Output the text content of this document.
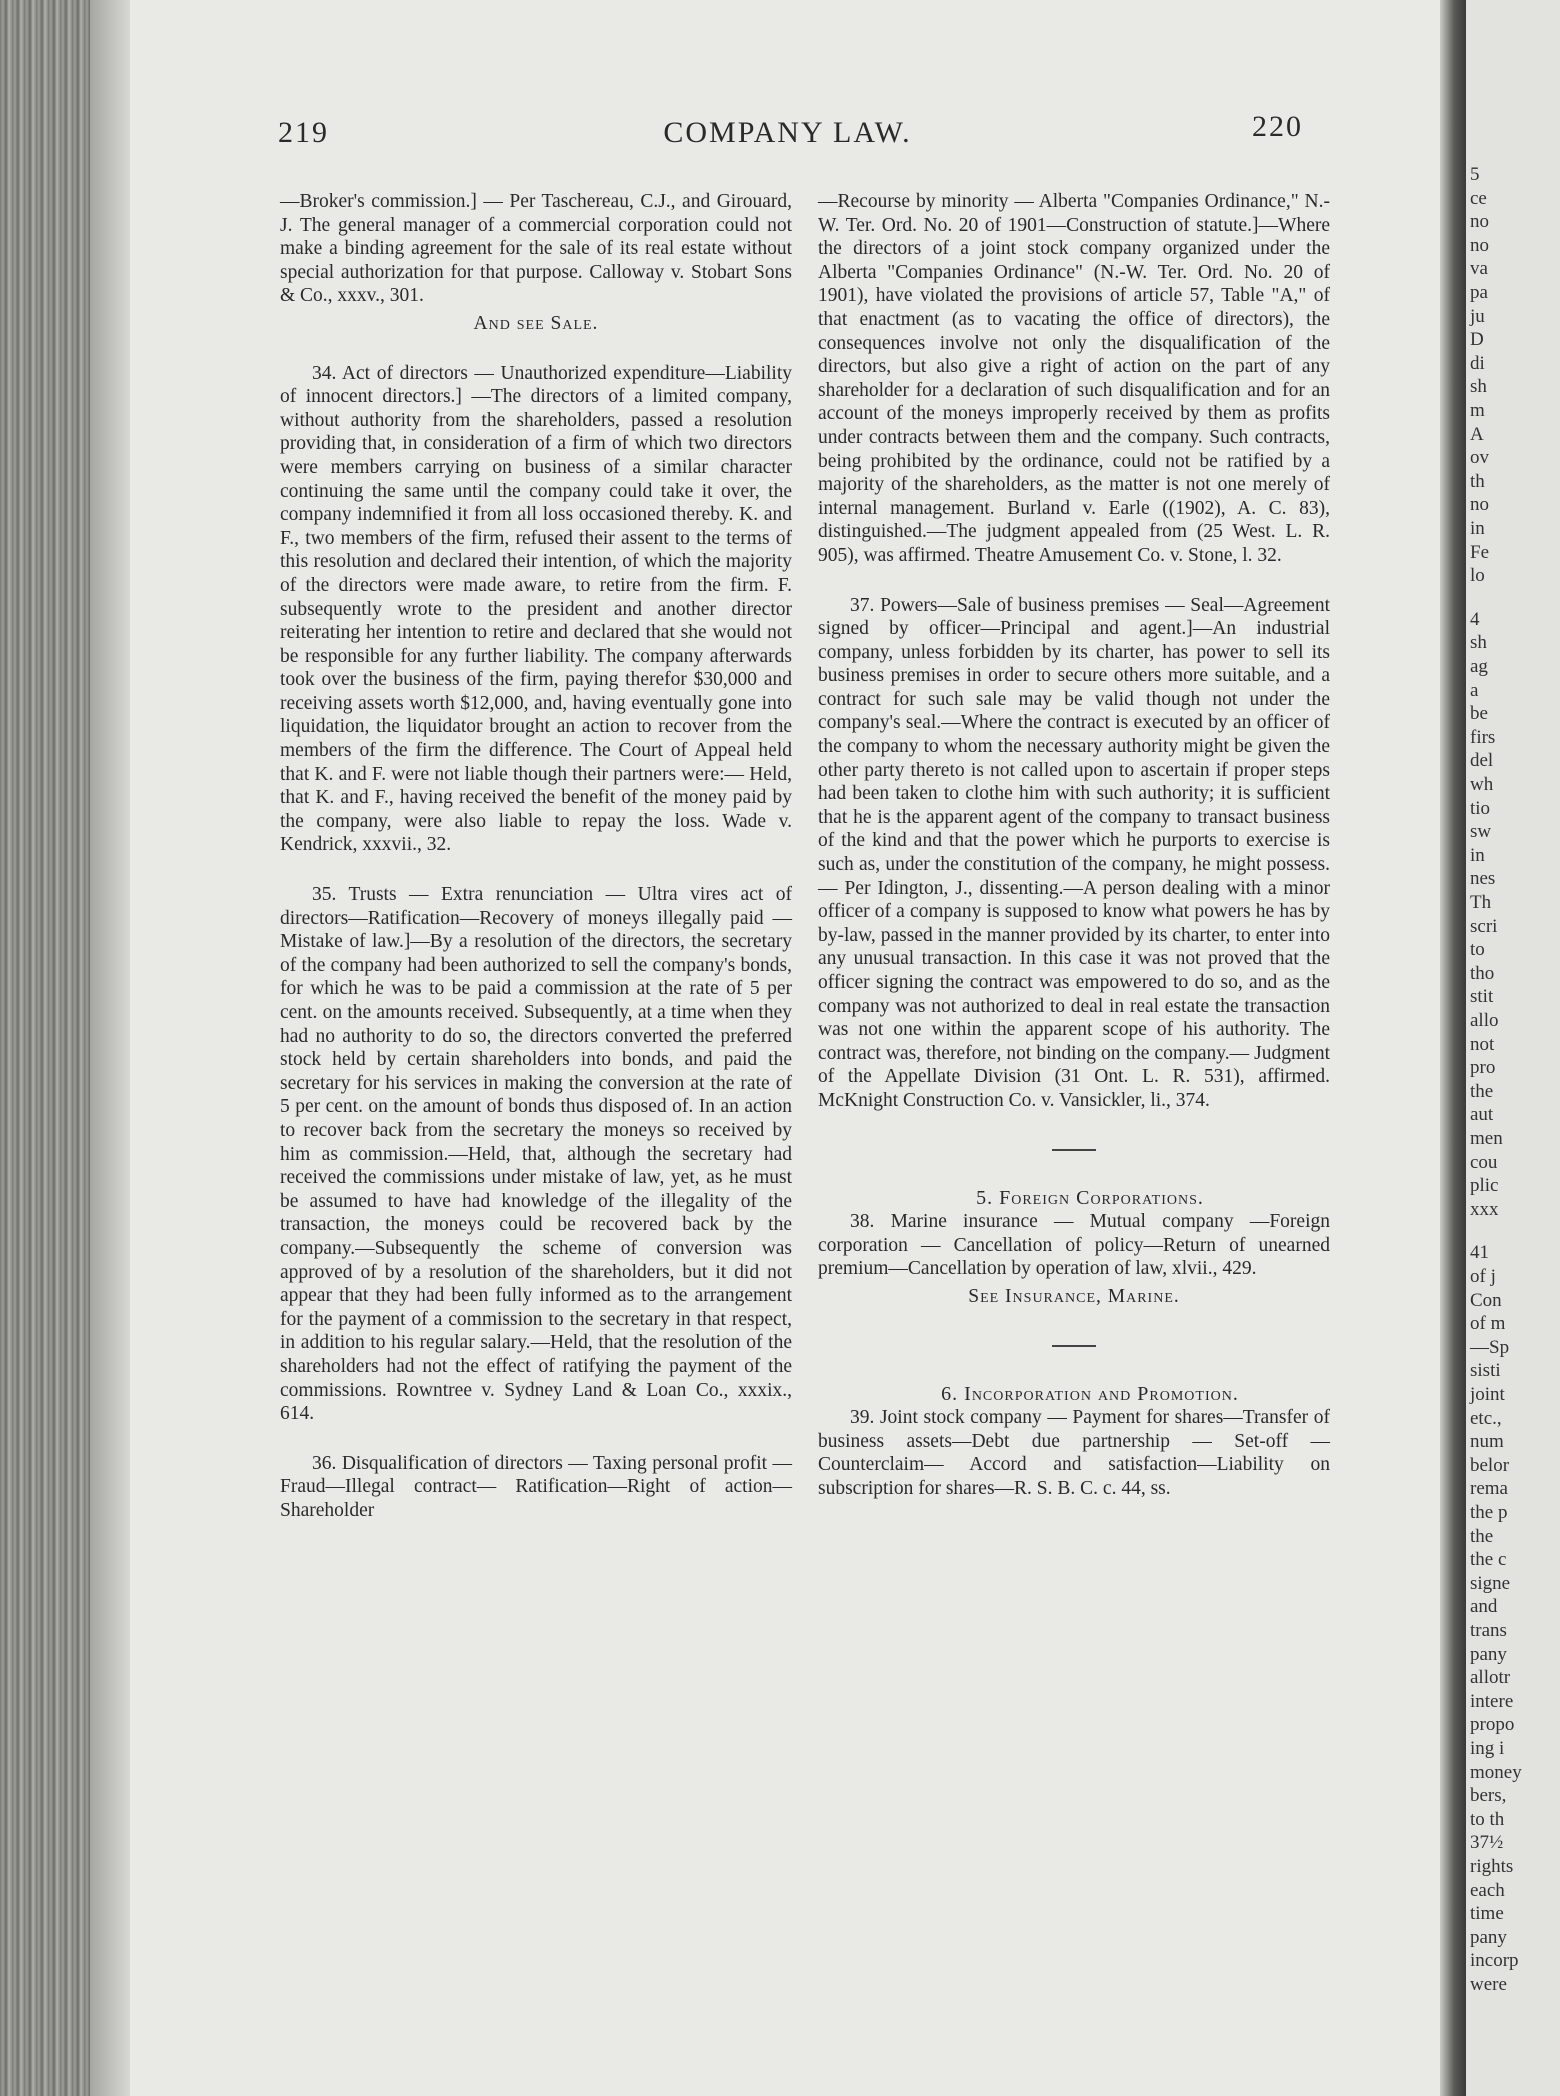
219	COMPANY LAW.	220

—Broker's commission.] — Per Taschereau, C.J., and Girouard, J. The general manager of a commercial corporation could not make a binding agreement for the sale of its real estate without special authorization for that purpose. Calloway v. Stobart Sons & Co., xxxv., 301.

And see Sale.

34. Act of directors — Unauthorized expenditure—Liability of innocent directors.] —The directors of a limited company, without authority from the shareholders, passed a resolution providing that, in consideration of a firm of which two directors were members carrying on business of a similar character continuing the same until the company could take it over, the company indemnified it from all loss occasioned thereby. K. and F., two members of the firm, refused their assent to the terms of this resolution and declared their intention, of which the majority of the directors were made aware, to retire from the firm. F. subsequently wrote to the president and another director reiterating her intention to retire and declared that she would not be responsible for any further liability. The company afterwards took over the business of the firm, paying therefor $30,000 and receiving assets worth $12,000, and, having eventually gone into liquidation, the liquidator brought an action to recover from the members of the firm the difference. The Court of Appeal held that K. and F. were not liable though their partners were:— Held, that K. and F., having received the benefit of the money paid by the company, were also liable to repay the loss. Wade v. Kendrick, xxxvii., 32.

35. Trusts — Extra renunciation — Ultra vires act of directors—Ratification—Recovery of moneys illegally paid — Mistake of law.]—By a resolution of the directors, the secretary of the company had been authorized to sell the company's bonds, for which he was to be paid a commission at the rate of 5 per cent. on the amounts received. Subsequently, at a time when they had no authority to do so, the directors converted the preferred stock held by certain shareholders into bonds, and paid the secretary for his services in making the conversion at the rate of 5 per cent. on the amount of bonds thus disposed of. In an action to recover back from the secretary the moneys so received by him as commission.—Held, that, although the secretary had received the commissions under mistake of law, yet, as he must be assumed to have had knowledge of the illegality of the transaction, the moneys could be recovered back by the company.—Subsequently the scheme of conversion was approved of by a resolution of the shareholders, but it did not appear that they had been fully informed as to the arrangement for the payment of a commission to the secretary in that respect, in addition to his regular salary.—Held, that the resolution of the shareholders had not the effect of ratifying the payment of the commissions. Rowntree v. Sydney Land & Loan Co., xxxix., 614.

36. Disqualification of directors — Taxing personal profit — Fraud—Illegal contract— Ratification—Right of action—Shareholder

—Recourse by minority — Alberta "Companies Ordinance," N.-W. Ter. Ord. No. 20 of 1901—Construction of statute.]—Where the directors of a joint stock company organized under the Alberta "Companies Ordinance" (N.-W. Ter. Ord. No. 20 of 1901), have violated the provisions of article 57, Table "A," of that enactment (as to vacating the office of directors), the consequences involve not only the disqualification of the directors, but also give a right of action on the part of any shareholder for a declaration of such disqualification and for an account of the moneys improperly received by them as profits under contracts between them and the company. Such contracts, being prohibited by the ordinance, could not be ratified by a majority of the shareholders, as the matter is not one merely of internal management. Burland v. Earle ((1902), A. C. 83), distinguished.—The judgment appealed from (25 West. L. R. 905), was affirmed. Theatre Amusement Co. v. Stone, l. 32.

37. Powers—Sale of business premises — Seal—Agreement signed by officer—Principal and agent.]—An industrial company, unless forbidden by its charter, has power to sell its business premises in order to secure others more suitable, and a contract for such sale may be valid though not under the company's seal.—Where the contract is executed by an officer of the company to whom the necessary authority might be given the other party thereto is not called upon to ascertain if proper steps had been taken to clothe him with such authority; it is sufficient that he is the apparent agent of the company to transact business of the kind and that the power which he purports to exercise is such as, under the constitution of the company, he might possess.— Per Idington, J., dissenting.—A person dealing with a minor officer of a company is supposed to know what powers he has by by-law, passed in the manner provided by its charter, to enter into any unusual transaction. In this case it was not proved that the officer signing the contract was empowered to do so, and as the company was not authorized to deal in real estate the transaction was not one within the apparent scope of his authority. The contract was, therefore, not binding on the company.— Judgment of the Appellate Division (31 Ont. L. R. 531), affirmed. McKnight Construction Co. v. Vansickler, li., 374.

5. Foreign Corporations.

38. Marine insurance — Mutual company —Foreign corporation — Cancellation of policy—Return of unearned premium—Cancellation by operation of law, xlvii., 429.

See Insurance, Marine.

6. Incorporation and Promotion.

39. Joint stock company — Payment for shares—Transfer of business assets—Debt due partnership — Set-off — Counterclaim— Accord and satisfaction—Liability on subscription for shares—R. S. B. C. c. 44, ss.

5
ce
no
no
va
pa
ju
D
di
sh
m
A
ov
th
no
in
Fe
lo
4
sh
ag
a
be
firs
del
wh
tio
sw
in
nes
Th
scri
to
tho
stit
allo
not
pro
the
aut
men
cou
plic
xxx
41
of j
Con
of m
—Sp
sisti
joint
etc.,
num
belor
rema
the p
the
the c
signe
and
trans
pany
allotr
intere
propo
ing i
money
bers,
to th
37½
rights
each
time
pany
incorp
were
